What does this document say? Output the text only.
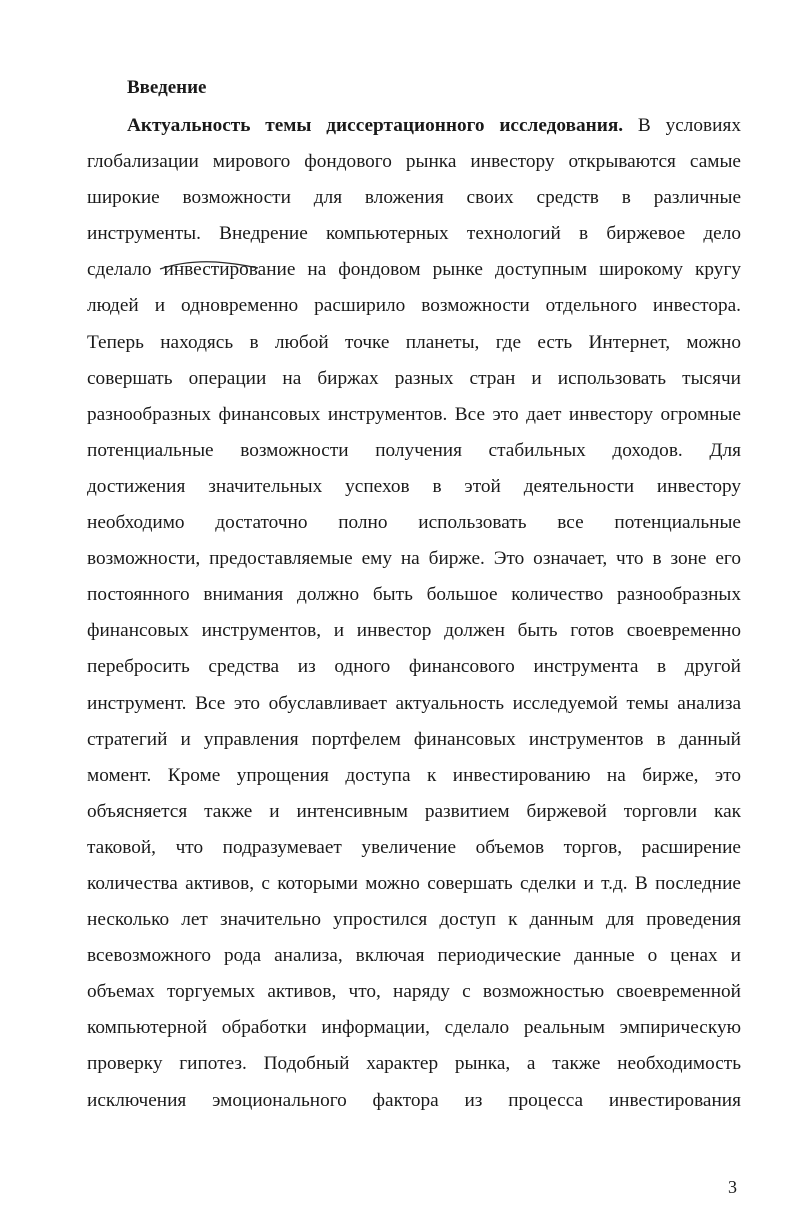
Введение

Актуальность темы диссертационного исследования. В условиях
глобализации мирового фондового рынка инвестору открываются самые
широкие возможности для вложения своих средств в различные
инструменты. Внедрение компьютерных технологий в биржевое дело
сделало инвестирование на фондовом рынке доступным широкому кругу
людей и одновременно расширило возможности отдельного инвестора.
Теперь находясь в любой точке планеты, где есть Интернет, можно
совершать операции на биржах разных стран и использовать тысячи
разнообразных финансовых инструментов. Все это дает инвестору огромные
потенциальные возможности получения стабильных доходов. Для
достижения значительных успехов в этой деятельности инвестору
необходимо достаточно полно использовать все потенциальные
возможности, предоставляемые ему на бирже. Это означает, что в зоне его
постоянного внимания должно быть большое количество разнообразных
финансовых инструментов, и инвестор должен быть готов своевременно
перебросить средства из одного финансового инструмента в другой
инструмент. Все это обуславливает актуальность исследуемой темы анализа
стратегий и управления портфелем финансовых инструментов в данный
момент. Кроме упрощения доступа к инвестированию на бирже, это
объясняется также и интенсивным развитием биржевой торговли как
таковой, что подразумевает увеличение объемов торгов, расширение
количества активов, с которыми можно совершать сделки и т.д. В последние
несколько лет значительно упростился доступ к данным для проведения
всевозможного рода анализа, включая периодические данные о ценах и
объемах торгуемых активов, что, наряду с возможностью своевременной
компьютерной обработки информации, сделало реальным эмпирическую
проверку гипотез. Подобный характер рынка, а также необходимость
исключения эмоционального фактора из процесса инвестирования

3
